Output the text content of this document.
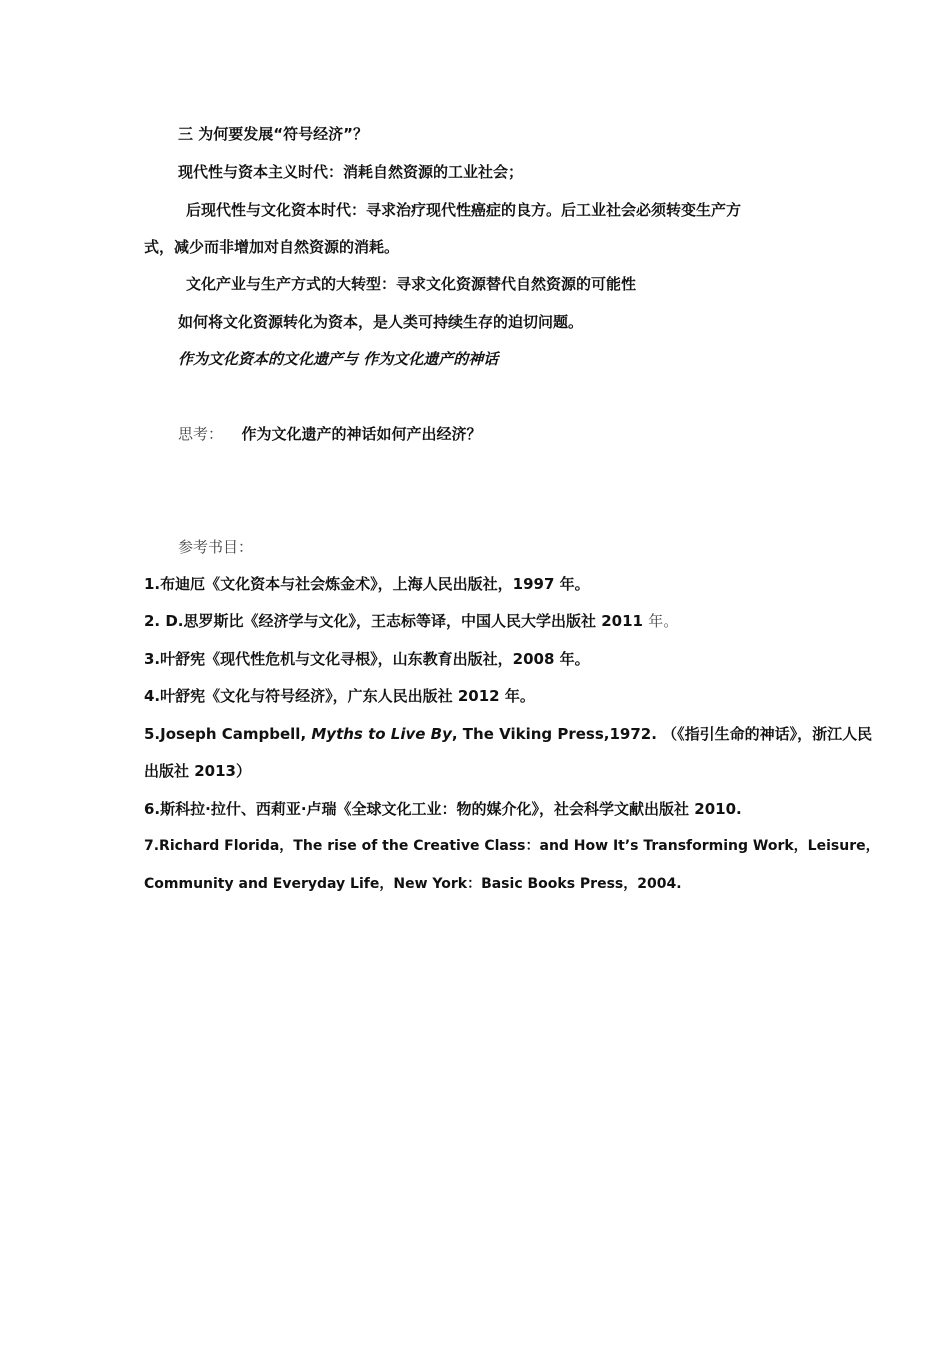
三 为何要发展“符号经济”？
现代性与资本主义时代：消耗自然资源的工业社会；
后现代性与文化资本时代：寻求治疗现代性癌症的良方。后工业社会必须转变生产方
式，减少而非增加对自然资源的消耗。
文化产业与生产方式的大转型：寻求文化资源替代自然资源的可能性
如何将文化资源转化为资本，是人类可持续生存的迫切问题。
作为文化资本的文化遗产与 作为文化遗产的神话
思考： 作为文化遗产的神话如何产出经济？
参考书目：
1.布迪厄《文化资本与社会炼金术》，上海人民出版社，1997 年。
2. D.思罗斯比《经济学与文化》，王志标等译，中国人民大学出版社 2011 年。
3.叶舒宪《现代性危机与文化寻根》，山东教育出版社，2008 年。
4.叶舒宪《文化与符号经济》，广东人民出版社 2012 年。
5.Joseph Campbell, Myths to Live By, The Viking Press,1972. （《指引生命的神话》，浙江人民
出版社 2013）
6.斯科拉·拉什、西莉亚·卢瑞《全球文化工业：物的媒介化》，社会科学文献出版社 2010.
7.Richard Florida，The rise of the Creative Class：and How It’s Transforming Work，Leisure，
Community and Everyday Life，New York：Basic Books Press，2004.
